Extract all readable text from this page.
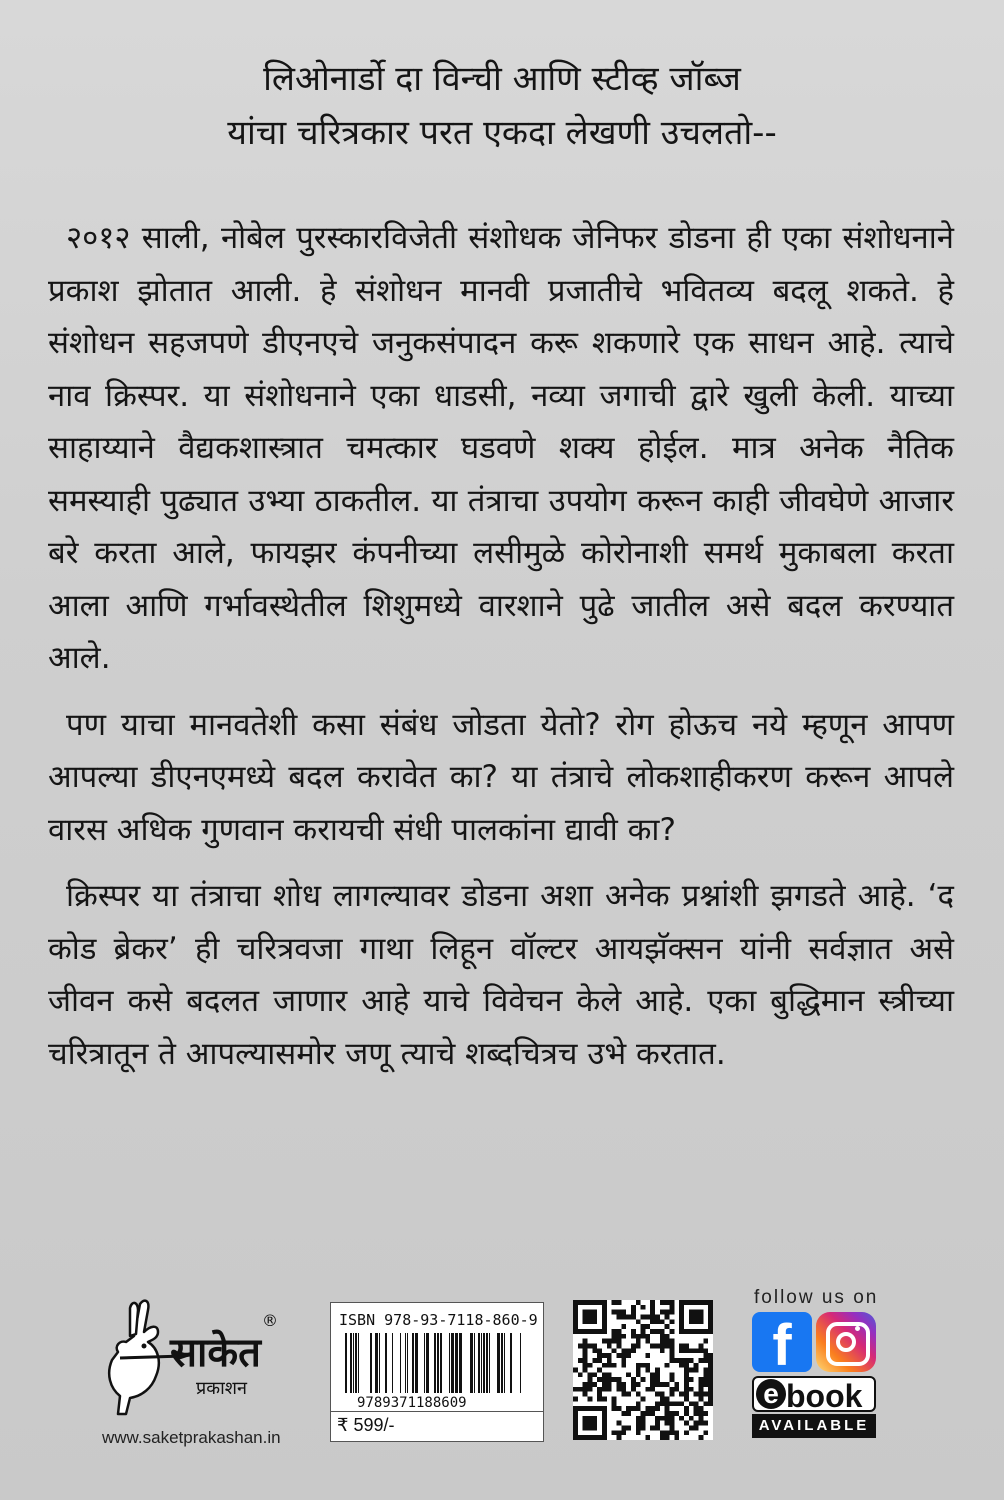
लिओनार्डो दा विन्ची आणि स्टीव्ह जॉब्ज
यांचा चरित्रकार परत एकदा लेखणी उचलतो--

२०१२ साली, नोबेल पुरस्कारविजेती संशोधक जेनिफर डोडना ही एका संशोधनाने प्रकाश झोतात आली. हे संशोधन मानवी प्रजातीचे भवितव्य बदलू शकते. हे संशोधन सहजपणे डीएनएचे जनुकसंपादन करू शकणारे एक साधन आहे. त्याचे नाव क्रिस्पर. या संशोधनाने एका धाडसी, नव्या जगाची द्वारे खुली केली. याच्या साहाय्याने वैद्यकशास्त्रात चमत्कार घडवणे शक्य होईल. मात्र अनेक नैतिक समस्याही पुढ्यात उभ्या ठाकतील. या तंत्राचा उपयोग करून काही जीवघेणे आजार बरे करता आले, फायझर कंपनीच्या लसीमुळे कोरोनाशी समर्थ मुकाबला करता आला आणि गर्भावस्थेतील शिशुमध्ये वारशाने पुढे जातील असे बदल करण्यात आले.

पण याचा मानवतेशी कसा संबंध जोडता येतो? रोग होऊच नये म्हणून आपण आपल्या डीएनएमध्ये बदल करावेत का? या तंत्राचे लोकशाहीकरण करून आपले वारस अधिक गुणवान करायची संधी पालकांना द्यावी का?

क्रिस्पर या तंत्राचा शोध लागल्यावर डोडना अशा अनेक प्रश्नांशी झगडते आहे. ‘द कोड ब्रेकर’ ही चरित्रवजा गाथा लिहून वॉल्टर आयझॅक्सन यांनी सर्वज्ञात असे जीवन कसे बदलत जाणार आहे याचे विवेचन केले आहे. एका बुद्धिमान स्त्रीच्या चरित्रातून ते आपल्यासमोर जणू त्याचे शब्दचित्रच उभे करतात.

साकेत
प्रकाशन
®
www.saketprakashan.in
ISBN 978-93-7118-860-9
9789371188609
₹ 599/-
follow us on
f
e book
AVAILABLE
